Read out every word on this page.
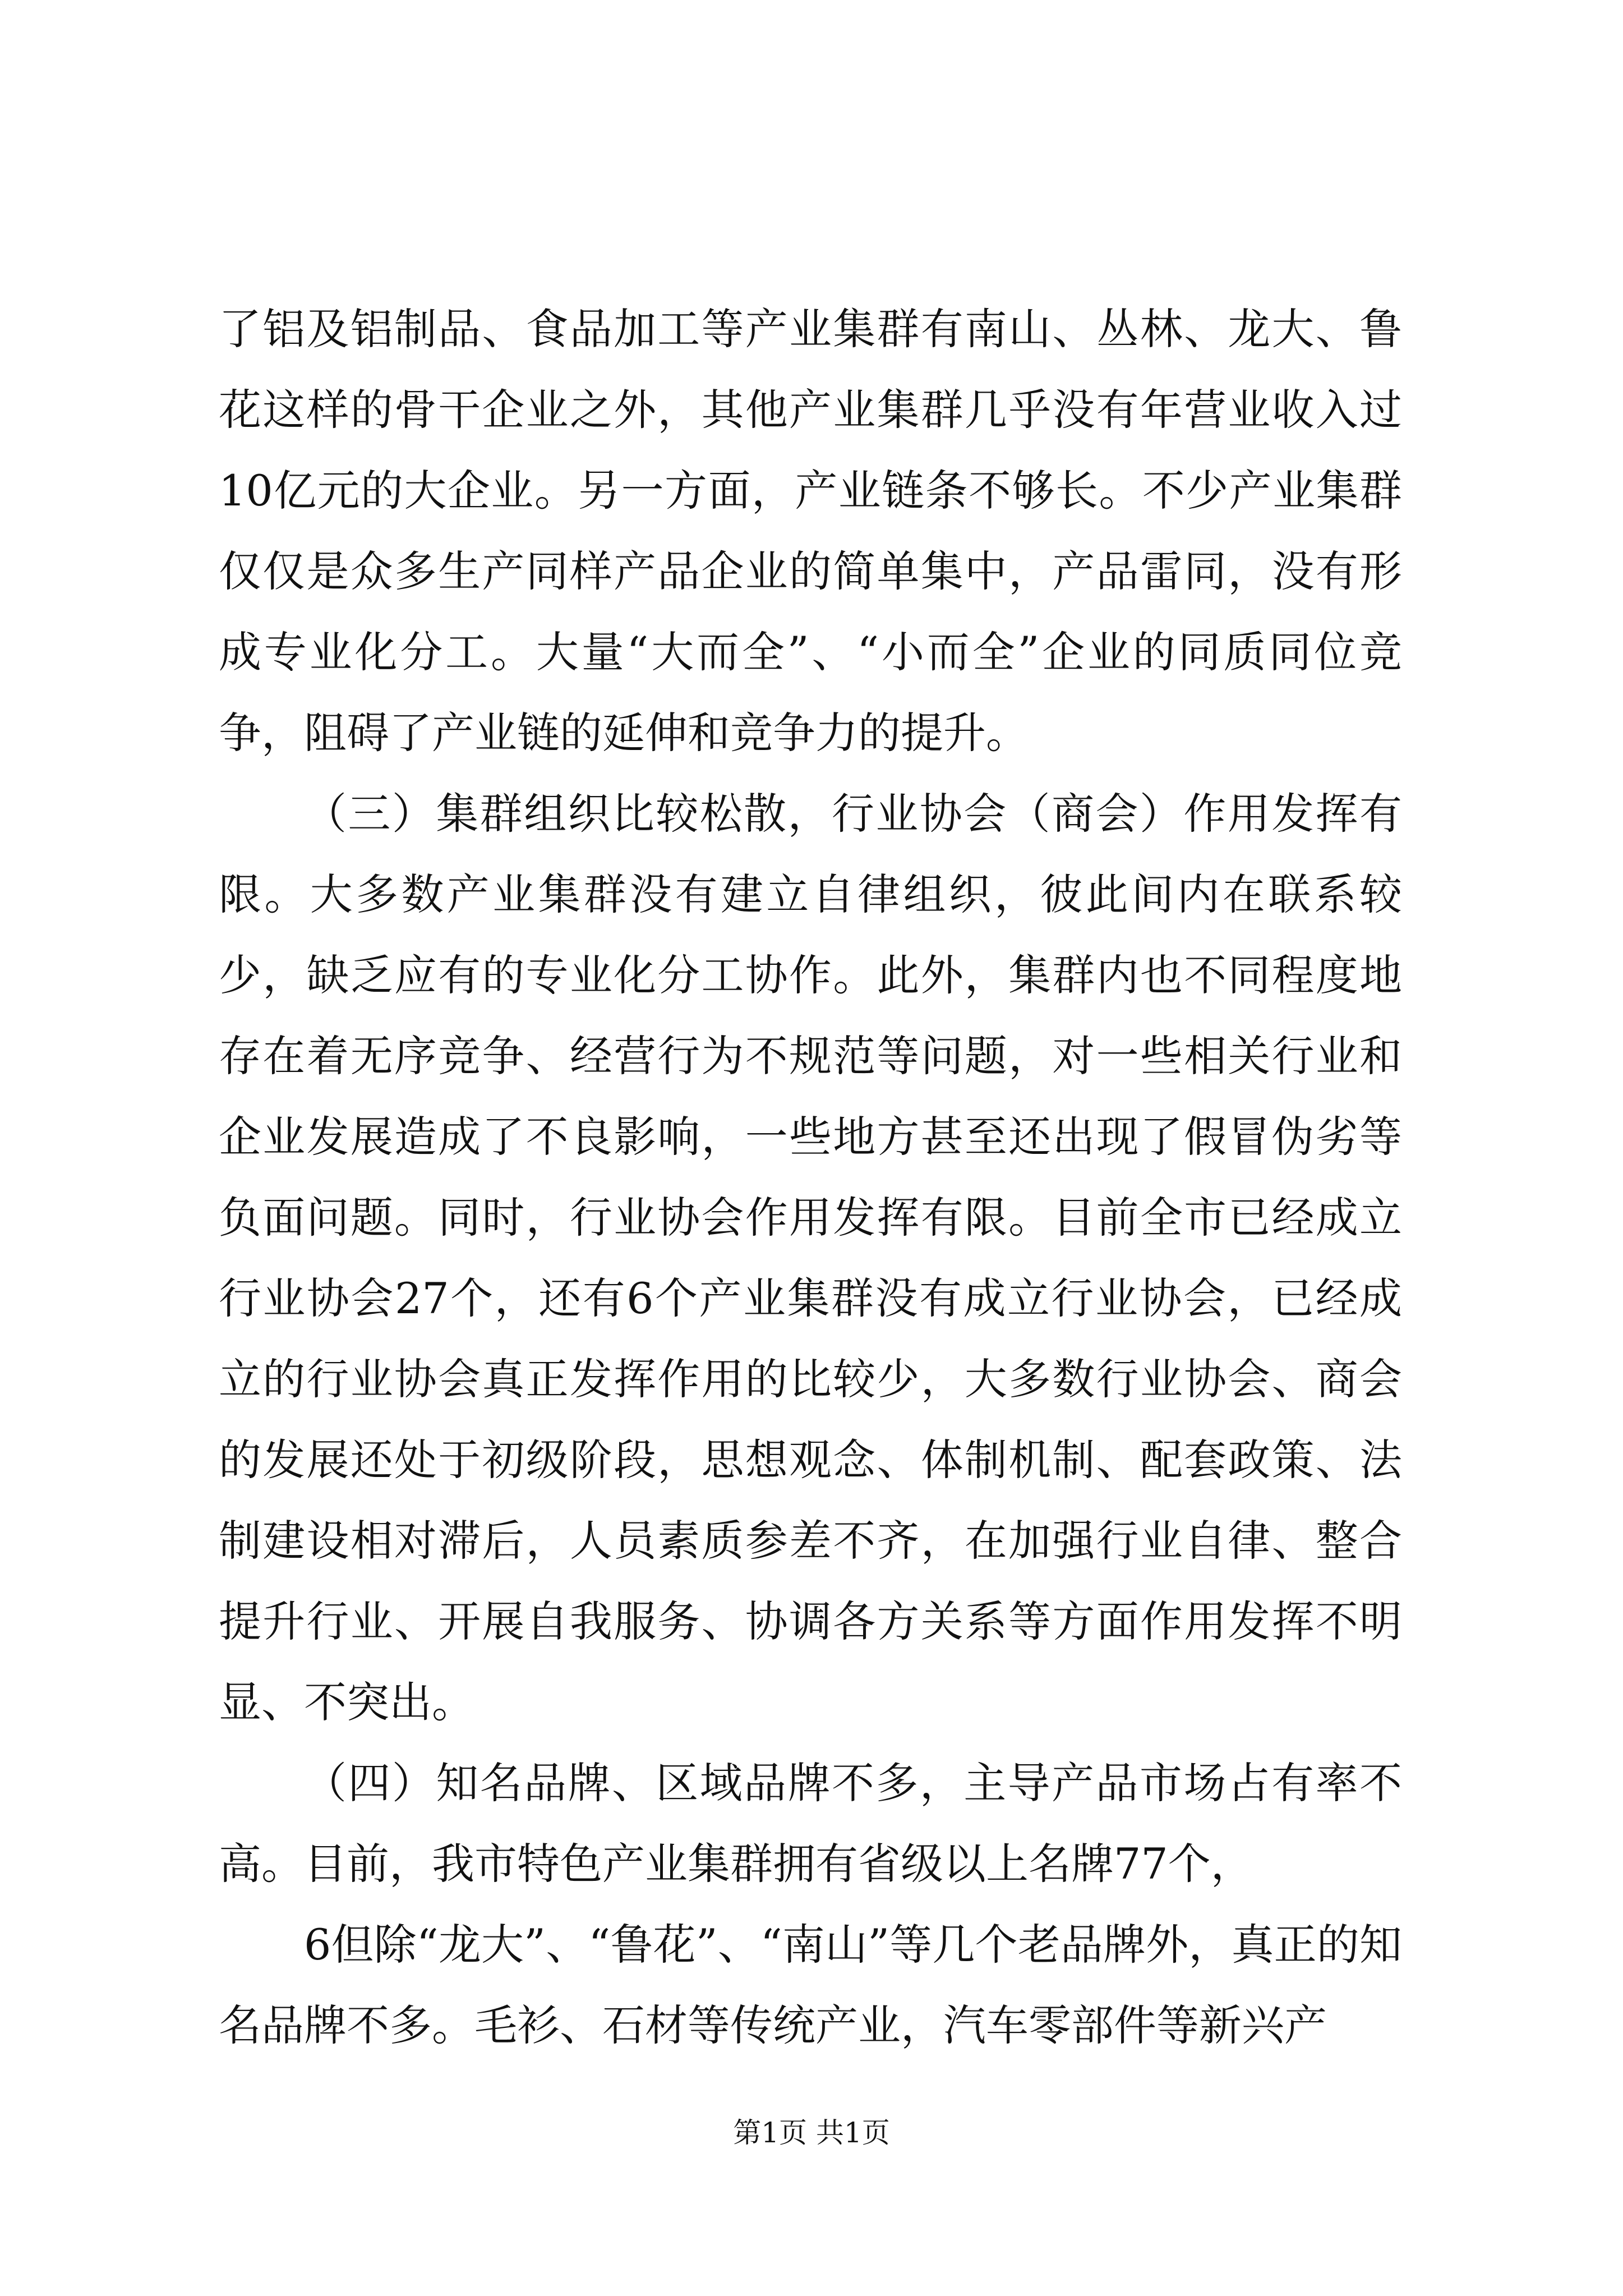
了铝及铝制品、食品加工等产业集群有南山、丛林、龙大、鲁花这样的骨干企业之外，其他产业集群几乎没有年营业收入过10亿元的大企业。另一方面，产业链条不够长。不少产业集群仅仅是众多生产同样产品企业的简单集中，产品雷同，没有形成专业化分工。大量“大而全”、“小而全”企业的同质同位竞争，阻碍了产业链的延伸和竞争力的提升。

（三）集群组织比较松散，行业协会（商会）作用发挥有限。大多数产业集群没有建立自律组织，彼此间内在联系较少，缺乏应有的专业化分工协作。此外，集群内也不同程度地存在着无序竞争、经营行为不规范等问题，对一些相关行业和企业发展造成了不良影响，一些地方甚至还出现了假冒伪劣等负面问题。同时，行业协会作用发挥有限。目前全市已经成立行业协会27个，还有6个产业集群没有成立行业协会，已经成立的行业协会真正发挥作用的比较少，大多数行业协会、商会的发展还处于初级阶段，思想观念、体制机制、配套政策、法制建设相对滞后，人员素质参差不齐，在加强行业自律、整合提升行业、开展自我服务、协调各方关系等方面作用发挥不明显、不突出。

（四）知名品牌、区域品牌不多，主导产品市场占有率不高。目前，我市特色产业集群拥有省级以上名牌77个，

6但除“龙大”、“鲁花”、“南山”等几个老品牌外，真正的知名品牌不多。毛衫、石材等传统产业，汽车零部件等新兴产

第1页 共1页
